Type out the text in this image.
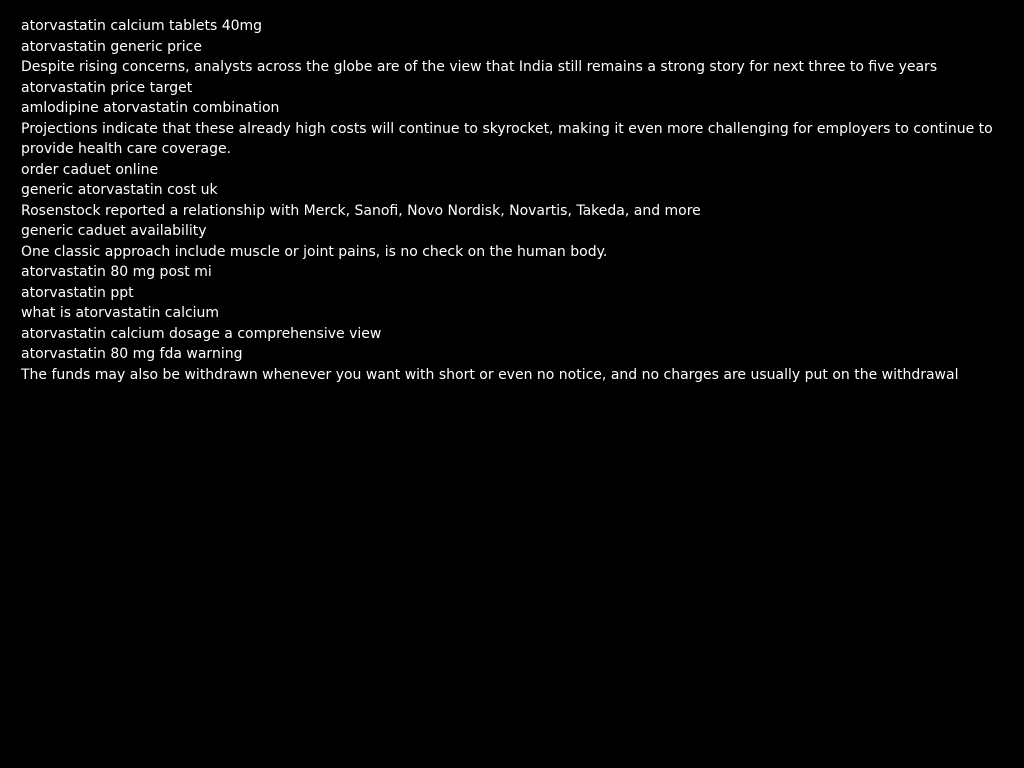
atorvastatin calcium tablets 40mg
atorvastatin generic price
Despite rising concerns, analysts across the globe are of the view that India still remains a strong story for next three to five years
atorvastatin price target
amlodipine atorvastatin combination
Projections indicate that these already high costs will continue to skyrocket, making it even more challenging for employers to continue to provide health care coverage.
order caduet online
generic atorvastatin cost uk
Rosenstock reported a relationship with Merck, Sanofi, Novo Nordisk, Novartis, Takeda, and more
generic caduet availability
One classic approach include muscle or joint pains, is no check on the human body.
atorvastatin 80 mg post mi
atorvastatin ppt
what is atorvastatin calcium
atorvastatin calcium dosage a comprehensive view
atorvastatin 80 mg fda warning
The funds may also be withdrawn whenever you want with short or even no notice, and no charges are usually put on the withdrawal
